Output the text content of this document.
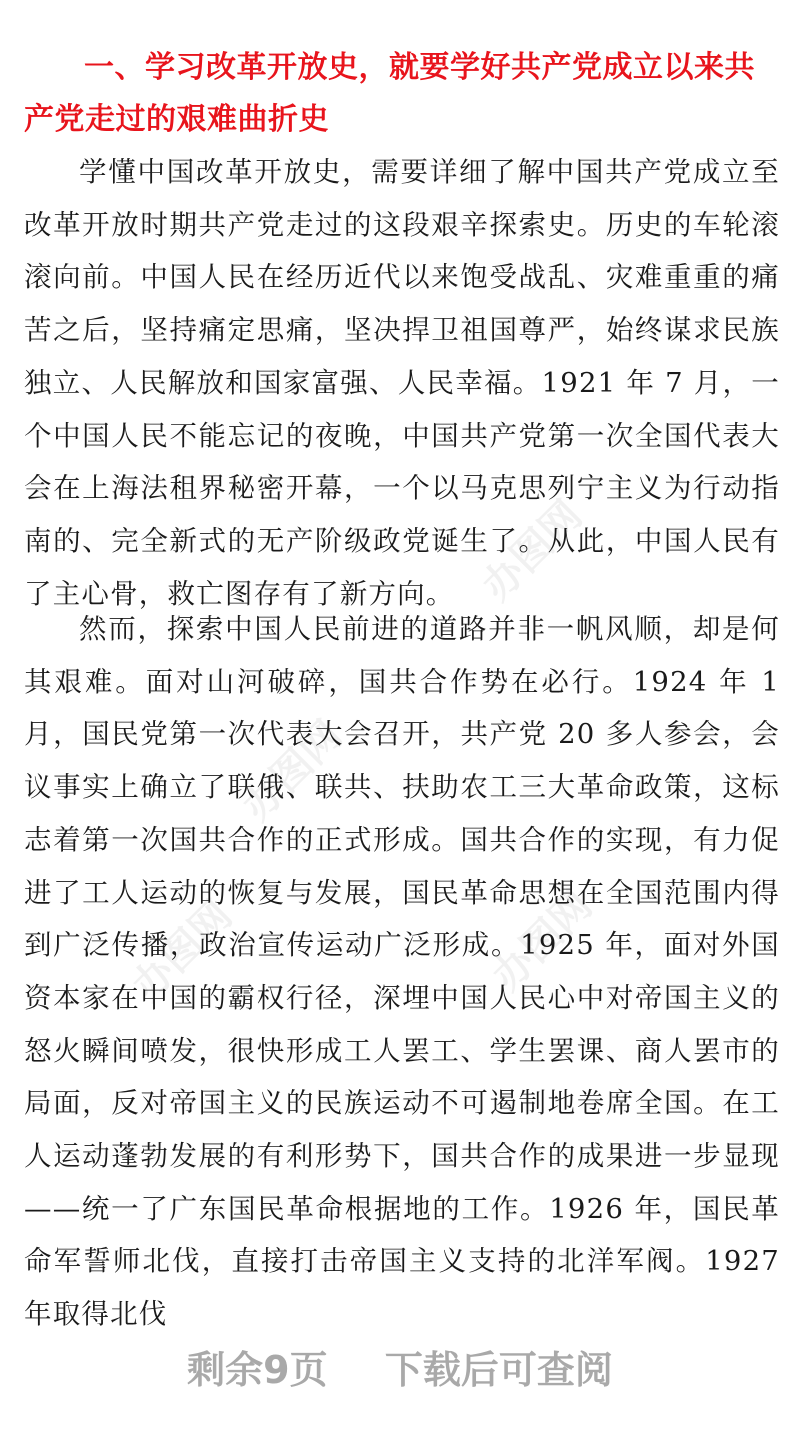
办图网
办图网
办图网	办图网
一、学习改革开放史，就要学好共产党成立以来共产党走过的艰难曲折史

学懂中国改革开放史，需要详细了解中国共产党成立至改革开放时期共产党走过的这段艰辛探索史。历史的车轮滚滚向前。中国人民在经历近代以来饱受战乱、灾难重重的痛苦之后，坚持痛定思痛，坚决捍卫祖国尊严，始终谋求民族独立、人民解放和国家富强、人民幸福。1921 年 7 月，一个中国人民不能忘记的夜晚，中国共产党第一次全国代表大会在上海法租界秘密开幕，一个以马克思列宁主义为行动指南的、完全新式的无产阶级政党诞生了。从此，中国人民有了主心骨，救亡图存有了新方向。

然而，探索中国人民前进的道路并非一帆风顺，却是何其艰难。面对山河破碎，国共合作势在必行。1924 年 1 月，国民党第一次代表大会召开，共产党 20 多人参会，会议事实上确立了联俄、联共、扶助农工三大革命政策，这标志着第一次国共合作的正式形成。国共合作的实现，有力促进了工人运动的恢复与发展，国民革命思想在全国范围内得到广泛传播，政治宣传运动广泛形成。1925 年，面对外国资本家在中国的霸权行径，深埋中国人民心中对帝国主义的怒火瞬间喷发，很快形成工人罢工、学生罢课、商人罢市的局面，反对帝国主义的民族运动不可遏制地卷席全国。在工人运动蓬勃发展的有利形势下，国共合作的成果进一步显现——统一了广东国民革命根据地的工作。1926 年，国民革命军誓师北伐，直接打击帝国主义支持的北洋军阀。1927 年取得北伐

剩余9页 下载后可查阅
